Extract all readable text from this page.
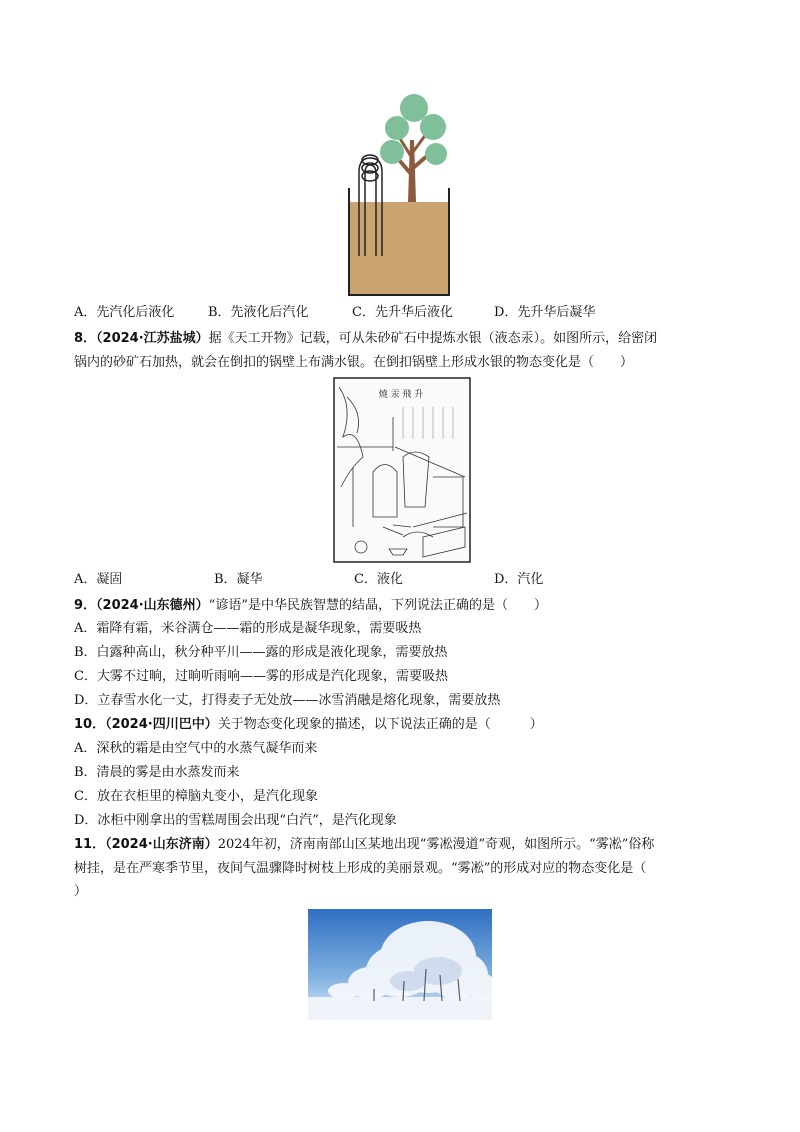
A．先汽化后液化	B．先液化后汽化	C．先升华后液化	D．先升华后凝华
8．（2024·江苏盐城）据《天工开物》记载，可从朱砂矿石中提炼水银（液态汞）。如图所示，给密闭
锅内的砂矿石加热，就会在倒扣的锅壁上布满水银。在倒扣锅壁上形成水银的物态变化是（　　）
燒 汞 飛 升
A．凝固	B．凝华	C．液化	D．汽化
9．（2024·山东德州）“谚语”是中华民族智慧的结晶，下列说法正确的是（　　）
A．霜降有霜，米谷满仓——霜的形成是凝华现象，需要吸热
B．白露种高山，秋分种平川——露的形成是液化现象，需要放热
C．大雾不过晌，过晌听雨响——雾的形成是汽化现象，需要吸热
D．立春雪水化一丈，打得麦子无处放——冰雪消融是熔化现象，需要放热
10．（2024·四川巴中）关于物态变化现象的描述，以下说法正确的是（　　　）
A．深秋的霜是由空气中的水蒸气凝华而来
B．清晨的雾是由水蒸发而来
C．放在衣柜里的樟脑丸变小，是汽化现象
D．冰柜中刚拿出的雪糕周围会出现“白汽”，是汽化现象
11．（2024·山东济南）2024年初，济南南部山区某地出现“雾凇漫道”奇观，如图所示。“雾凇”俗称
树挂，是在严寒季节里，夜间气温骤降时树枝上形成的美丽景观。“雾凇”的形成对应的物态变化是（
）
